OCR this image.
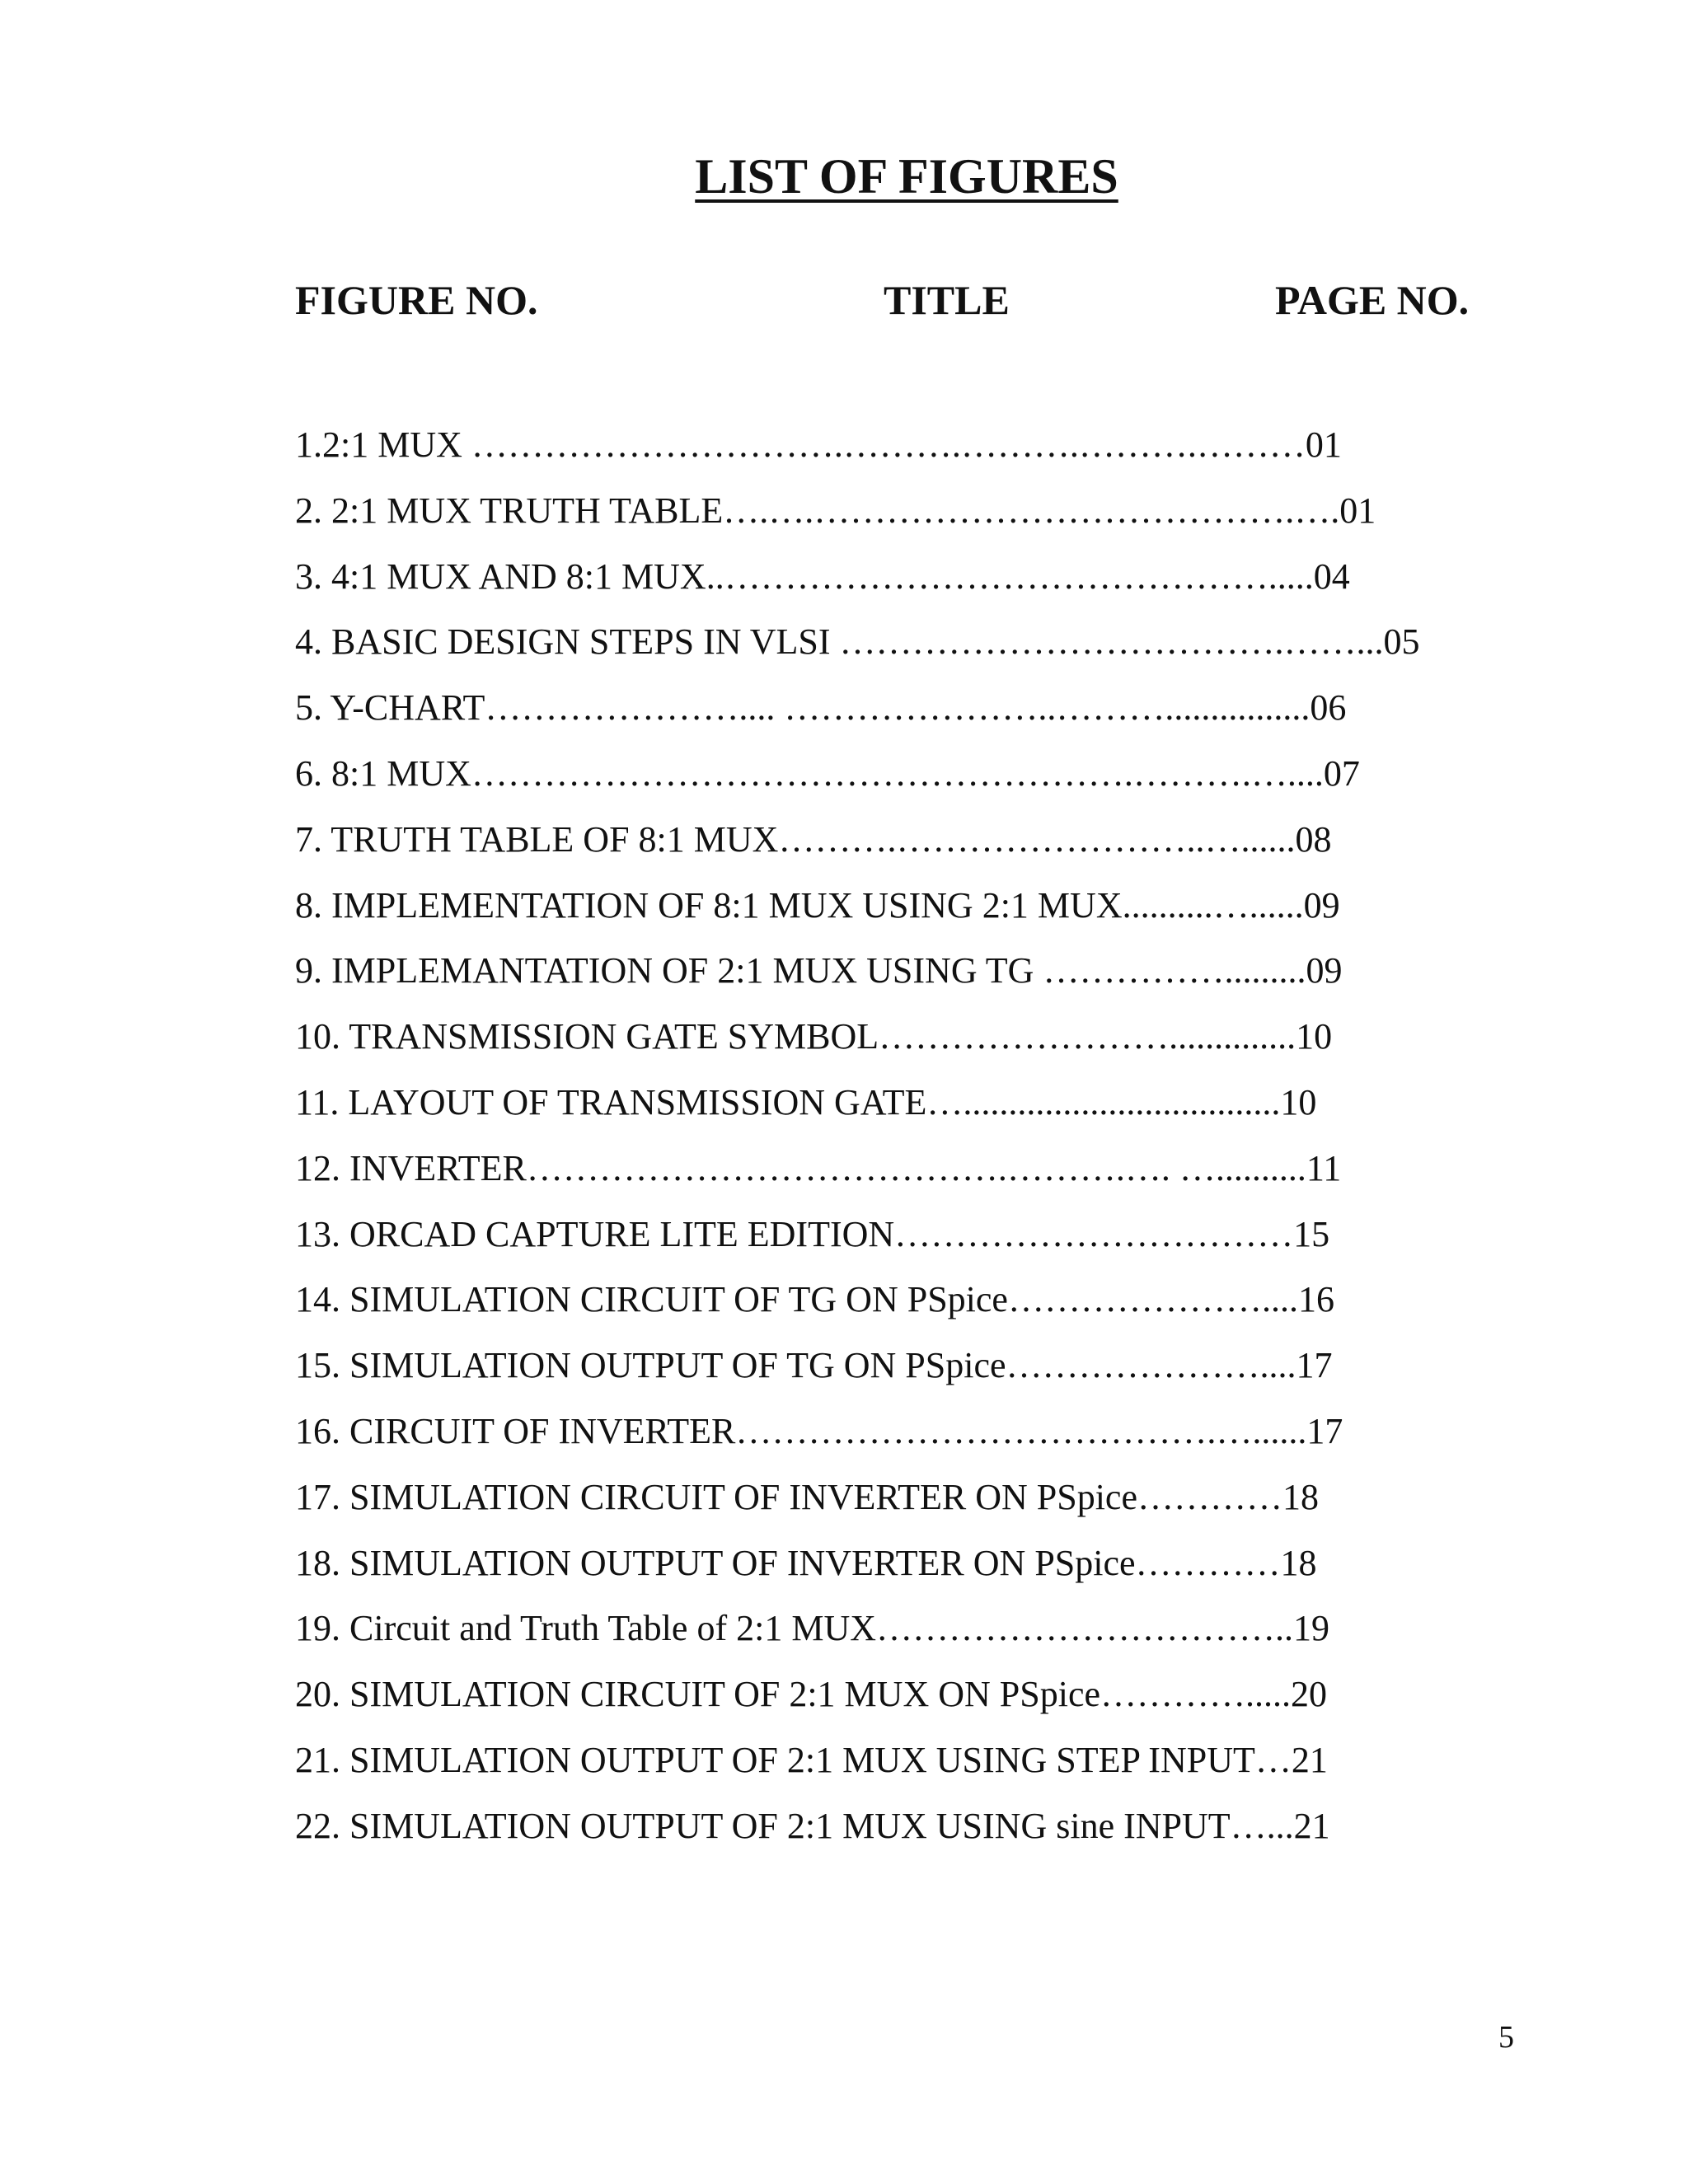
LIST OF FIGURES
FIGURE NO.	TITLE	PAGE NO.
1.2:1 MUX ………………………….……….……….……….………01
2. 2:1 MUX TRUTH TABLE….….………………………………….….01
3. 4:1 MUX AND 8:1 MUX..……………………………………….....04
4. BASIC DESIGN STEPS IN VLSI ……………………………….……...05
5. Y-CHART………………….... …………………..………................06
6. 8:1 MUX……………………………………………….……….…....07
7. TRUTH TABLE OF 8:1 MUX……….……………………..…......08
8. IMPLEMENTATION OF 8:1 MUX USING 2:1 MUX..........…......09
9. IMPLEMANTATION OF 2:1 MUX USING TG …………….........09
10. TRANSMISSION GATE SYMBOL……………………..............10
11. LAYOUT OF TRANSMISSION GATE…...................................10
12. INVERTER………………………………….……….…. …..........11
13. ORCAD CAPTURE LITE EDITION……………………………15
14. SIMULATION CIRCUIT OF TG ON PSpice…………………....16
15. SIMULATION OUTPUT OF TG ON PSpice…………………....17
16. CIRCUIT OF INVERTER………………………………….…......17
17. SIMULATION CIRCUIT OF INVERTER ON PSpice…………18
18. SIMULATION OUTPUT OF INVERTER ON PSpice…………18
19. Circuit and Truth Table of 2:1 MUX……………………………..19
20. SIMULATION CIRCUIT OF 2:1 MUX ON PSpice………….....20
21. SIMULATION OUTPUT OF 2:1 MUX USING STEP INPUT…21
22. SIMULATION OUTPUT OF 2:1 MUX USING sine INPUT…...21
5
